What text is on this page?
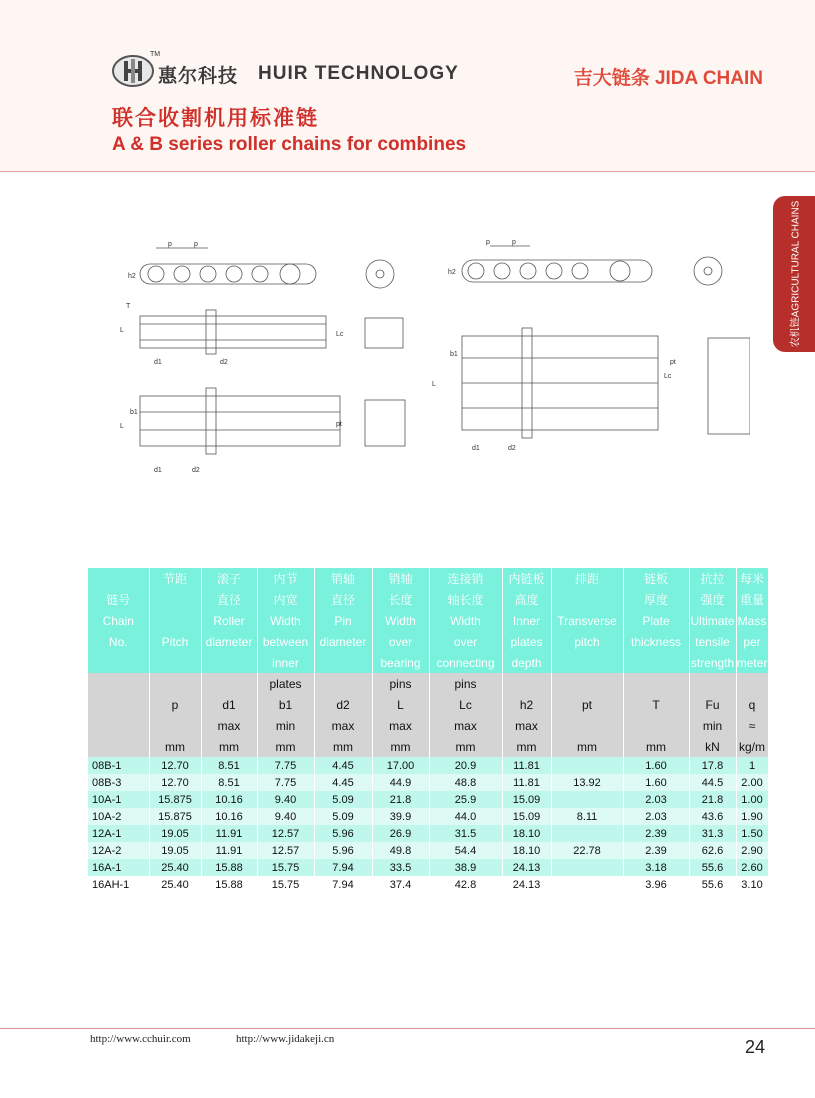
TM
惠尔科技 HUIR TECHNOLOGY	吉大链条 JIDA CHAIN
联合收割机用标准链
A & B series roller chains for combines
农机链AGRICULTURAL CHAINS
p	p
h2
L
T
Lc
d1	d2
L
b1
pt
d1	d2
p	p
h2
L
b1
Lc
pt
d1	d2
	节距	滚子	内节	销轴	销轴	连接销	内链板	排距	链板	抗拉	每米
链号		直径	内宽	直径	长度	轴长度	高度		厚度	强度	重量
Chain		Roller	Width	Pin	Width	Width	Inner	Transverse	Plate	Ultimate	Mass
No.	Pitch	diameter	between	diameter	over	over	plates	pitch	thickness	tensile	per
			inner		bearing	connecting	depth			strength	meter
			plates		pins	pins					
	p	d1	b1	d2	L	Lc	h2	pt	T	Fu	q
		max	min	max	max	max	max			min	≈
	mm	mm	mm	mm	mm	mm	mm	mm	mm	kN	kg/m
08B-1	12.70	8.51	7.75	4.45	17.00	20.9	11.81		1.60	17.8	1
08B-3	12.70	8.51	7.75	4.45	44.9	48.8	11.81	13.92	1.60	44.5	2.00
10A-1	15.875	10.16	9.40	5.09	21.8	25.9	15.09		2.03	21.8	1.00
10A-2	15.875	10.16	9.40	5.09	39.9	44.0	15.09	8.11	2.03	43.6	1.90
12A-1	19.05	11.91	12.57	5.96	26.9	31.5	18.10		2.39	31.3	1.50
12A-2	19.05	11.91	12.57	5.96	49.8	54.4	18.10	22.78	2.39	62.6	2.90
16A-1	25.40	15.88	15.75	7.94	33.5	38.9	24.13		3.18	55.6	2.60
16AH-1	25.40	15.88	15.75	7.94	37.4	42.8	24.13		3.96	55.6	3.10
http://www.cchuir.com	http://www.jidakeji.cn	24
